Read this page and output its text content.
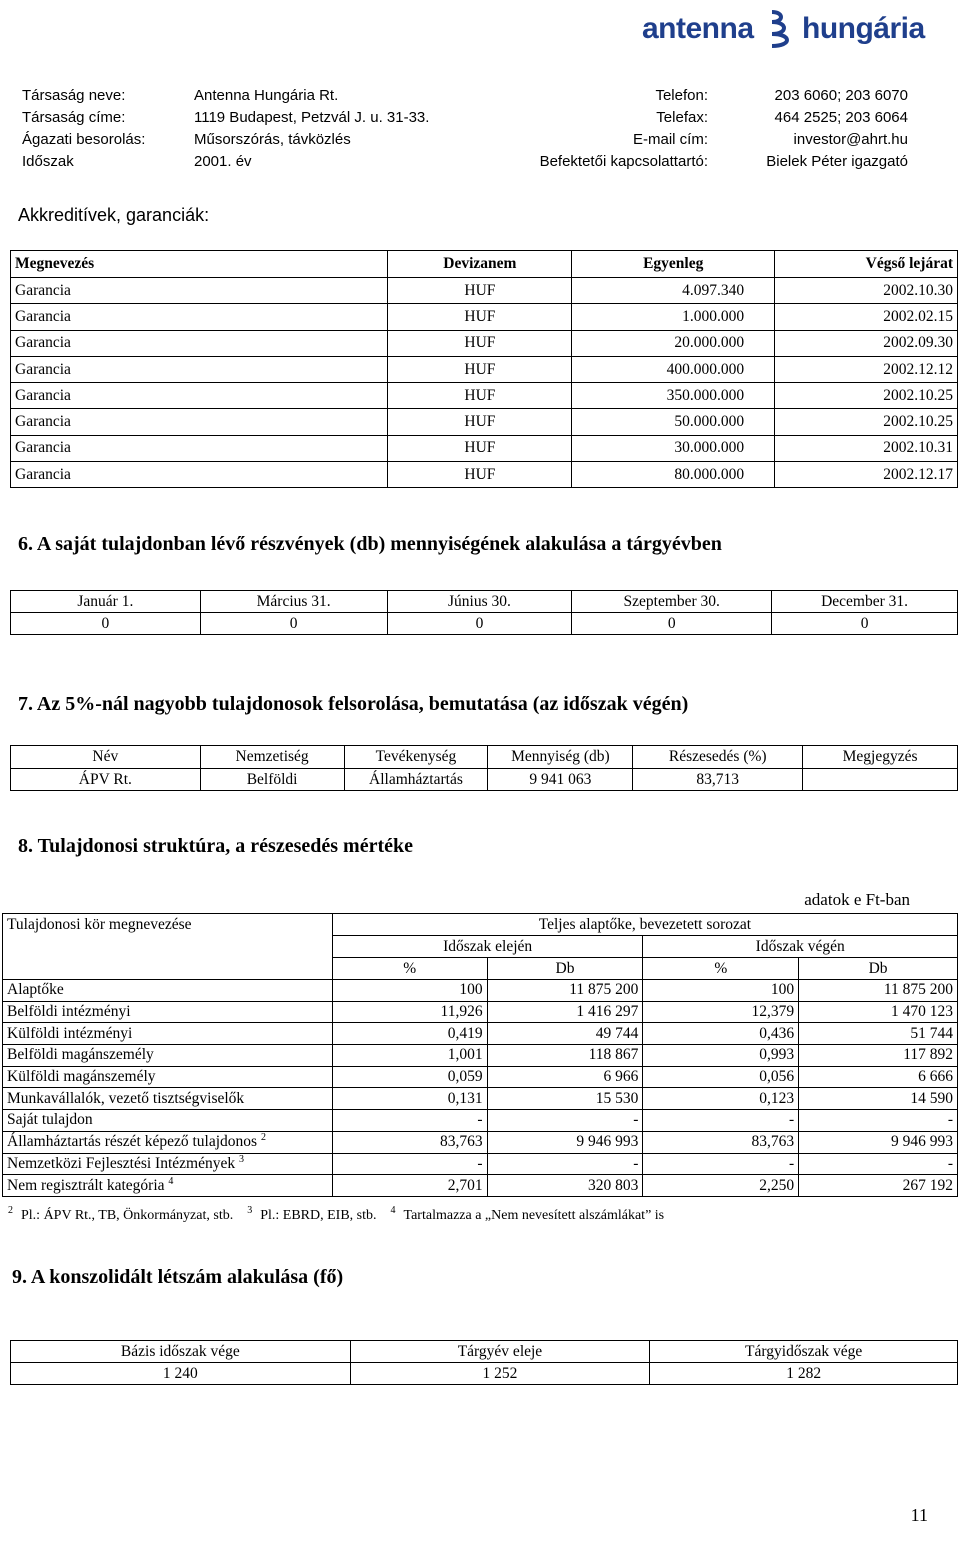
antenna hungária
Társaság neve:	Antenna Hungária Rt.
Társaság címe:	1119 Budapest, Petzvál J. u. 31-33.
Ágazati besorolás:	Műsorszórás, távközlés
Időszak	2001. év
Telefon:	203 6060; 203 6070
Telefax:	464 2525; 203 6064
E-mail cím:	investor@ahrt.hu
Befektetői kapcsolattartó:	Bielek Péter igazgató
Akkreditívek, garanciák:
Megnevezés	Devizanem	Egyenleg	Végső lejárat
Garancia	HUF	4.097.340	2002.10.30
Garancia	HUF	1.000.000	2002.02.15
Garancia	HUF	20.000.000	2002.09.30
Garancia	HUF	400.000.000	2002.12.12
Garancia	HUF	350.000.000	2002.10.25
Garancia	HUF	50.000.000	2002.10.25
Garancia	HUF	30.000.000	2002.10.31
Garancia	HUF	80.000.000	2002.12.17
6. A saját tulajdonban lévő részvények (db) mennyiségének alakulása a tárgyévben
Január 1.	Március 31.	Június 30.	Szeptember 30.	December 31.
0	0	0	0	0
7. Az 5%-nál nagyobb tulajdonosok felsorolása, bemutatása (az időszak végén)
Név	Nemzetiség	Tevékenység	Mennyiség (db)	Részesedés (%)	Megjegyzés
ÁPV Rt.	Belföldi	Államháztartás	9 941 063	83,713	
8. Tulajdonosi struktúra, a részesedés mértéke
adatok e Ft-ban
Tulajdonosi kör megnevezése	Teljes alaptőke, bevezetett sorozat			
	Időszak elején		Időszak végén	
	%	Db	%	Db
Alaptőke	100	11 875 200	100	11 875 200
Belföldi intézményi	11,926	1 416 297	12,379	1 470 123
Külföldi intézményi	0,419	49 744	0,436	51 744
Belföldi magánszemély	1,001	118 867	0,993	117 892
Külföldi magánszemély	0,059	6 966	0,056	6 666
Munkavállalók, vezető tisztségviselők	0,131	15 530	0,123	14 590
Saját tulajdon	-	-	-	-
Államháztartás részét képező tulajdonos $^2$	83,763	9 946 993	83,763	9 946 993
Nemzetközi Fejlesztési Intézmények $^3$	-	-	-	-
Nem regisztrált kategória $^4$	2,701	320 803	2,250	267 192
$^2$ Pl.: ÁPV Rt., TB, Önkormányzat, stb. $^3$ Pl.: EBRD, EIB, stb. $^4$ Tartalmazza a „Nem nevesített alszámlákat” is
9. A konszolidált létszám alakulása (fő)
Bázis időszak vége	Tárgyév eleje	Tárgyidőszak vége
1 240	1 252	1 282
11
